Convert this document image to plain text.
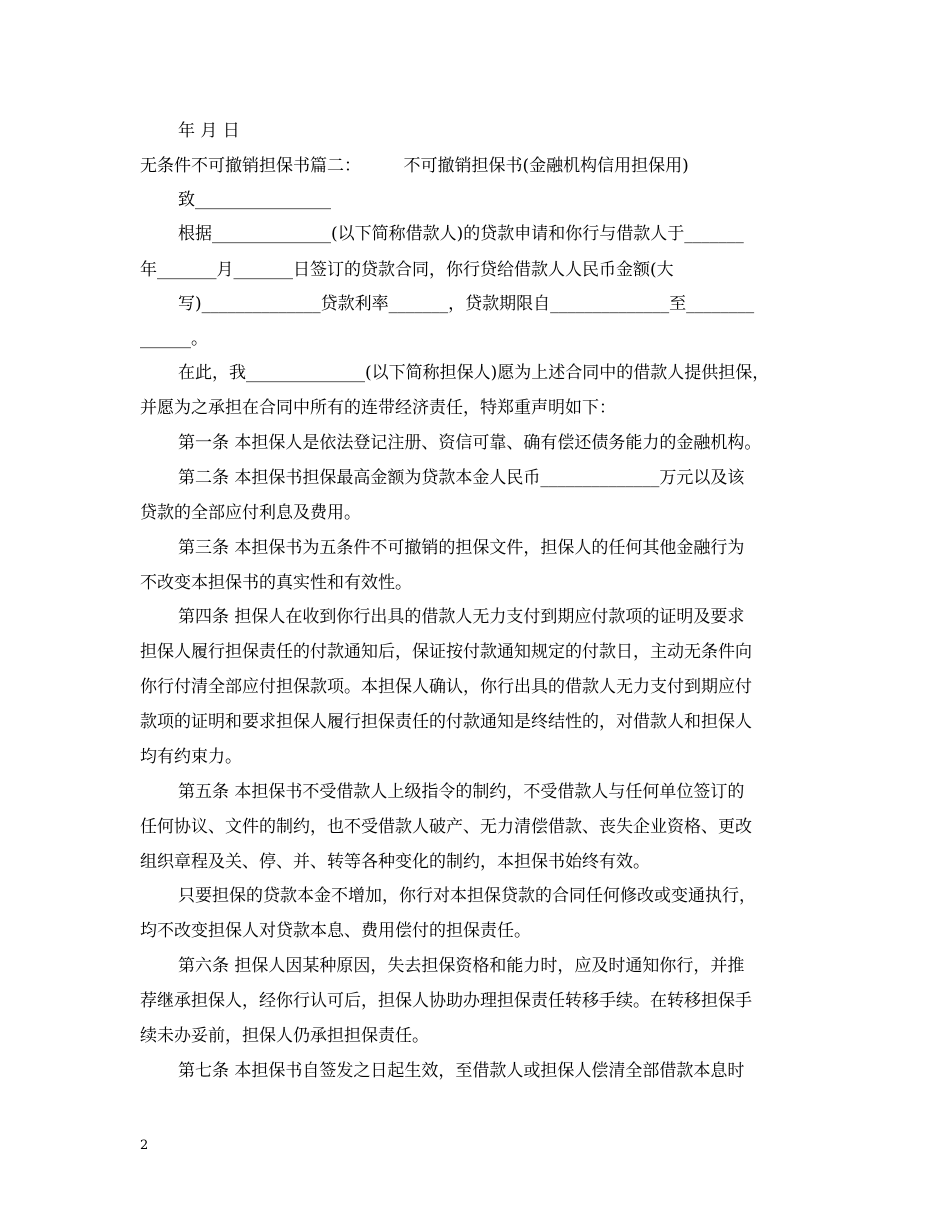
年 月 日
无条件不可撤销担保书篇二：　　　不可撤销担保书(金融机构信用担保用)
致________________
根据______________(以下简称借款人)的贷款申请和你行与借款人于_______
年_______月_______日签订的贷款合同，你行贷给借款人人民币金额(大
写)______________贷款利率_______，贷款期限自______________至________
______。
在此，我______________(以下简称担保人)愿为上述合同中的借款人提供担保，
并愿为之承担在合同中所有的连带经济责任，特郑重声明如下：
第一条 本担保人是依法登记注册、资信可靠、确有偿还债务能力的金融机构。
第二条 本担保书担保最高金额为贷款本金人民币______________万元以及该
贷款的全部应付利息及费用。
第三条 本担保书为五条件不可撤销的担保文件，担保人的任何其他金融行为
不改变本担保书的真实性和有效性。
第四条 担保人在收到你行出具的借款人无力支付到期应付款项的证明及要求
担保人履行担保责任的付款通知后，保证按付款通知规定的付款日，主动无条件向
你行付清全部应付担保款项。本担保人确认，你行出具的借款人无力支付到期应付
款项的证明和要求担保人履行担保责任的付款通知是终结性的，对借款人和担保人
均有约束力。
第五条 本担保书不受借款人上级指令的制约，不受借款人与任何单位签订的
任何协议、文件的制约，也不受借款人破产、无力清偿借款、丧失企业资格、更改
组织章程及关、停、并、转等各种变化的制约，本担保书始终有效。
只要担保的贷款本金不增加，你行对本担保贷款的合同任何修改或变通执行，
均不改变担保人对贷款本息、费用偿付的担保责任。
第六条 担保人因某种原因，失去担保资格和能力时，应及时通知你行，并推
荐继承担保人，经你行认可后，担保人协助办理担保责任转移手续。在转移担保手
续未办妥前，担保人仍承担担保责任。
第七条 本担保书自签发之日起生效，至借款人或担保人偿清全部借款本息时
2
